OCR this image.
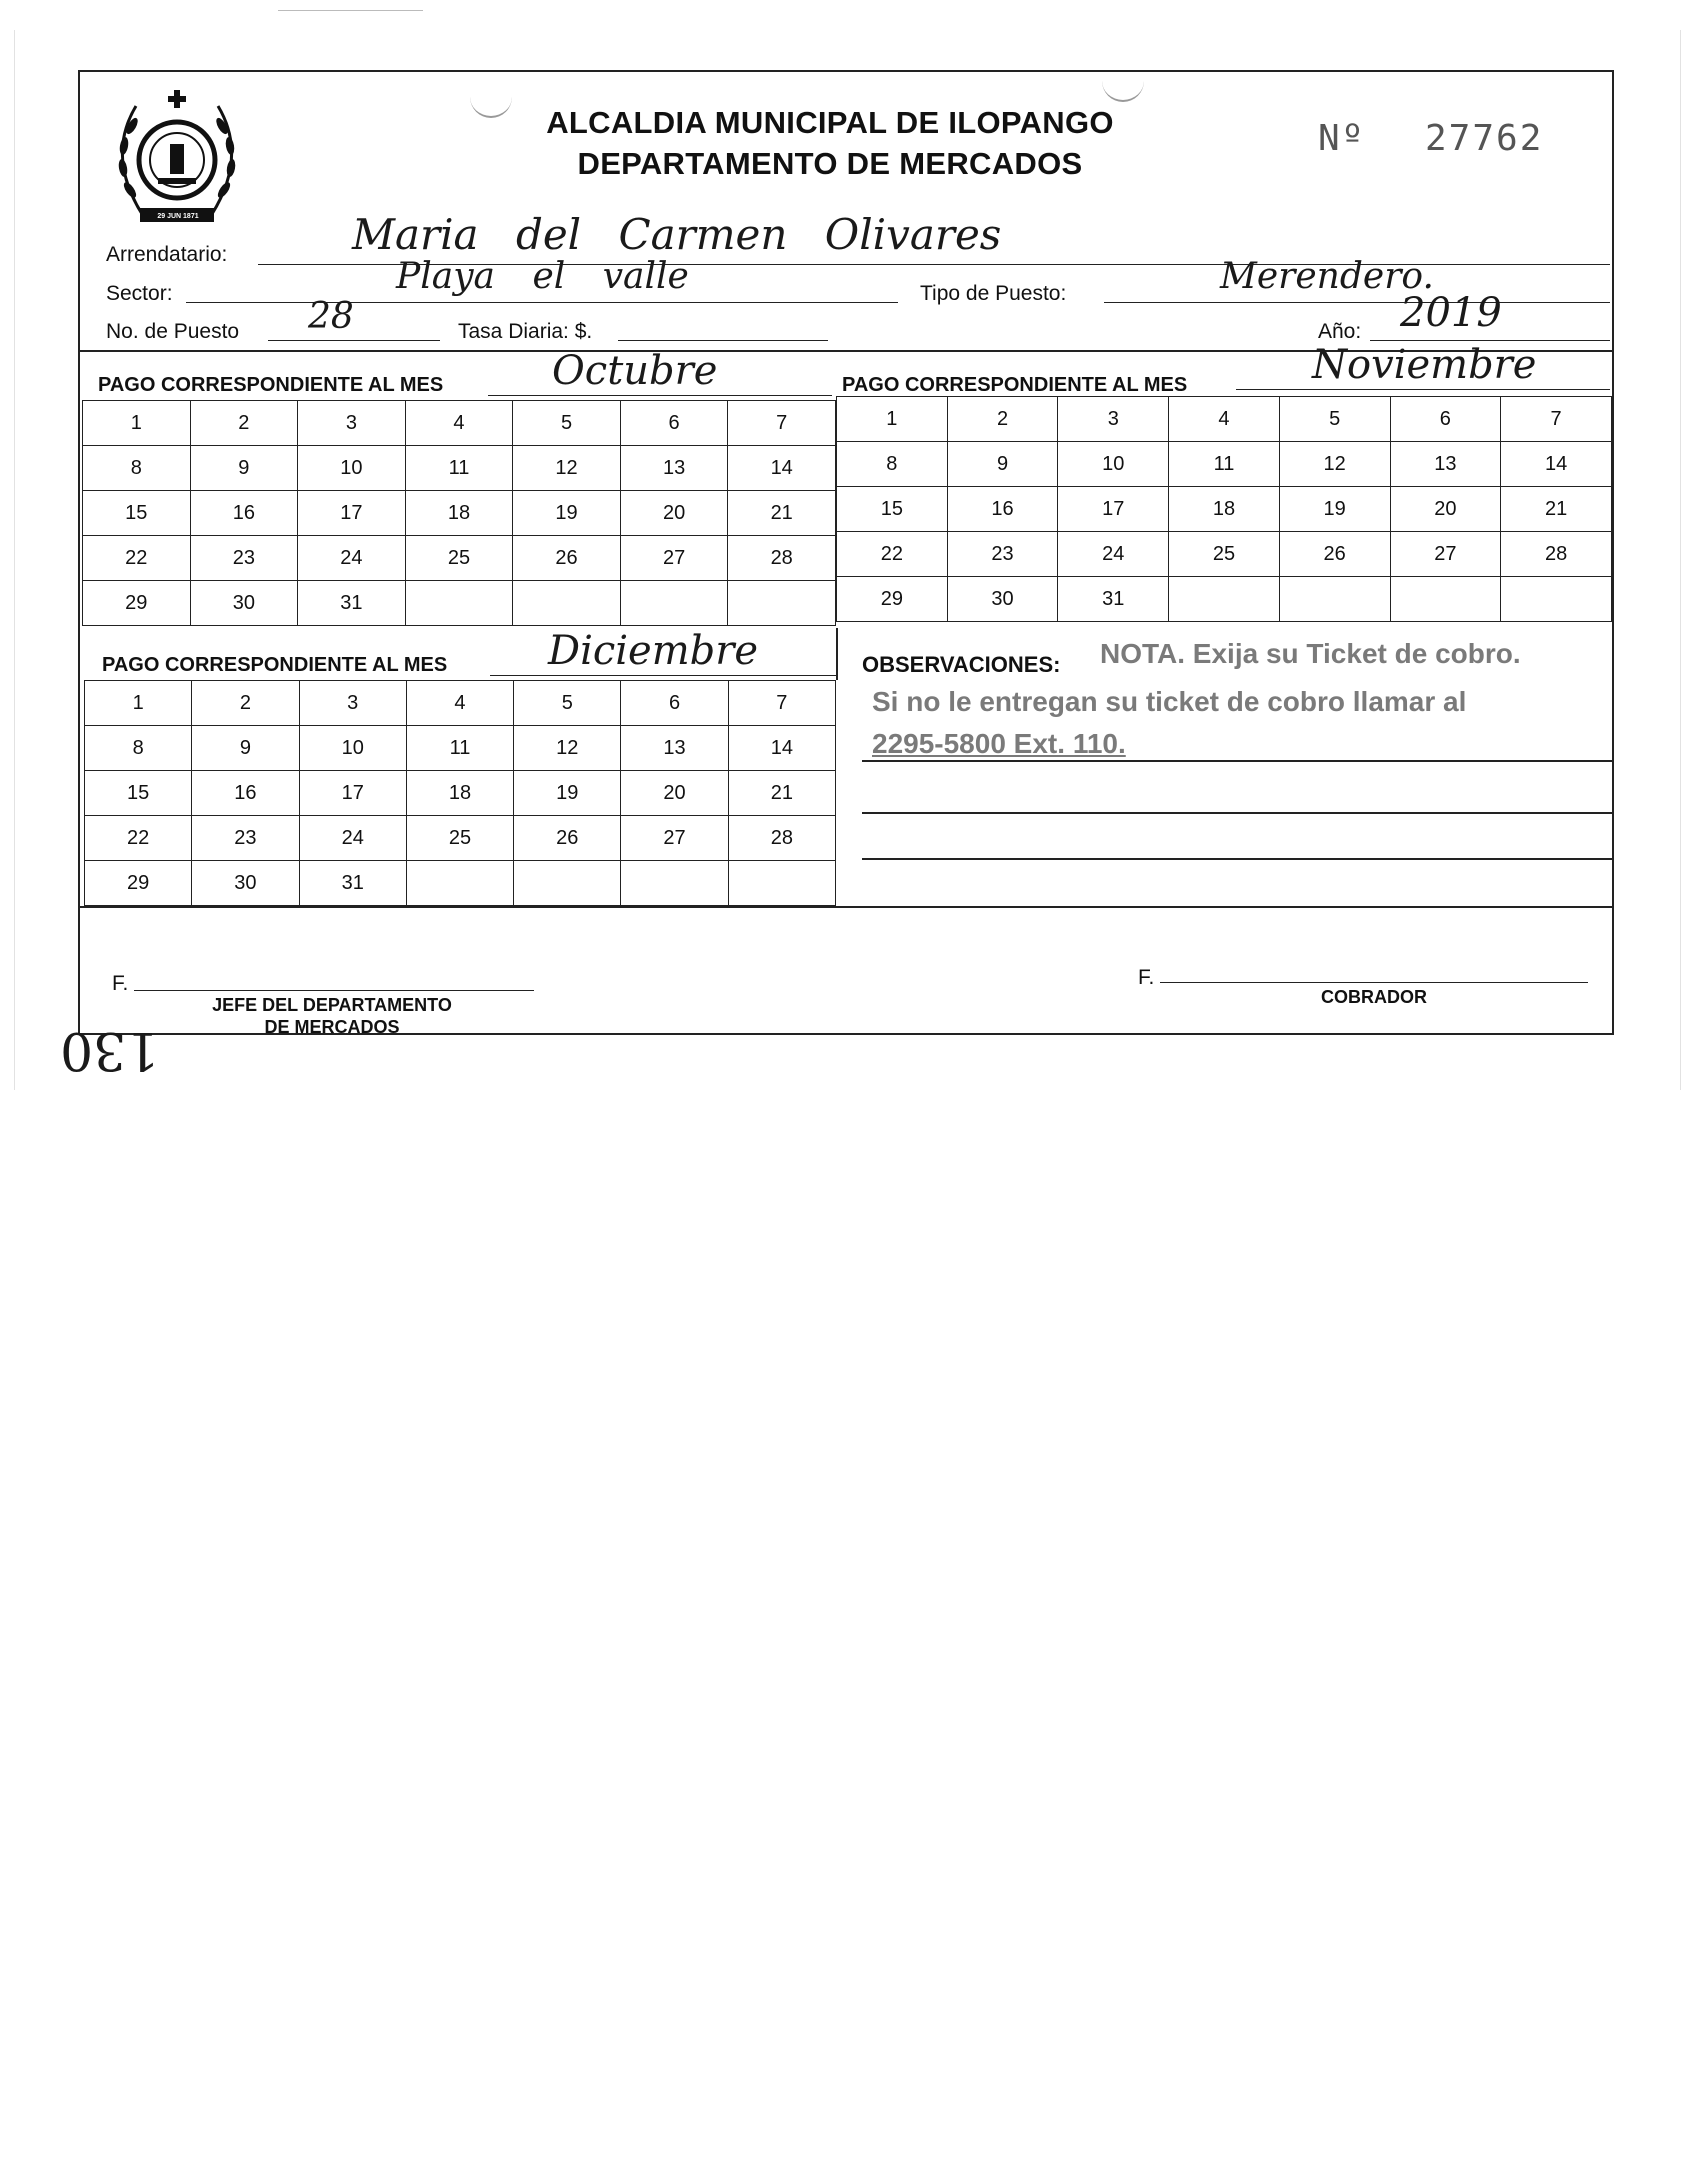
29 JUN 1871
ALCALDIA MUNICIPAL DE ILOPANGO
DEPARTAMENTO DE MERCADOS
Nº 27762
Arrendatario:	Maria del Carmen Olivares
Sector:	Playa el valle	Tipo de Puesto:	Merendero.
No. de Puesto 28	Tasa Diaria: $.	Año: 2019
PAGO CORRESPONDIENTE AL MES	Octubre	PAGO CORRESPONDIENTE AL MES	Noviembre
1	2	3	4	5	6	7
8	9	10	11	12	13	14
15	16	17	18	19	20	21
22	23	24	25	26	27	28
29	30	31				
1	2	3	4	5	6	7
8	9	10	11	12	13	14
15	16	17	18	19	20	21
22	23	24	25	26	27	28
29	30	31				
PAGO CORRESPONDIENTE AL MES	Diciembre
1	2	3	4	5	6	7
8	9	10	11	12	13	14
15	16	17	18	19	20	21
22	23	24	25	26	27	28
29	30	31				
OBSERVACIONES: NOTA. Exija su Ticket de cobro.
Si no le entregan su ticket de cobro llamar al
2295-5800 Ext. 110.
F.
JEFE DEL DEPARTAMENTO
DE MERCADOS
F.
COBRADOR
130
